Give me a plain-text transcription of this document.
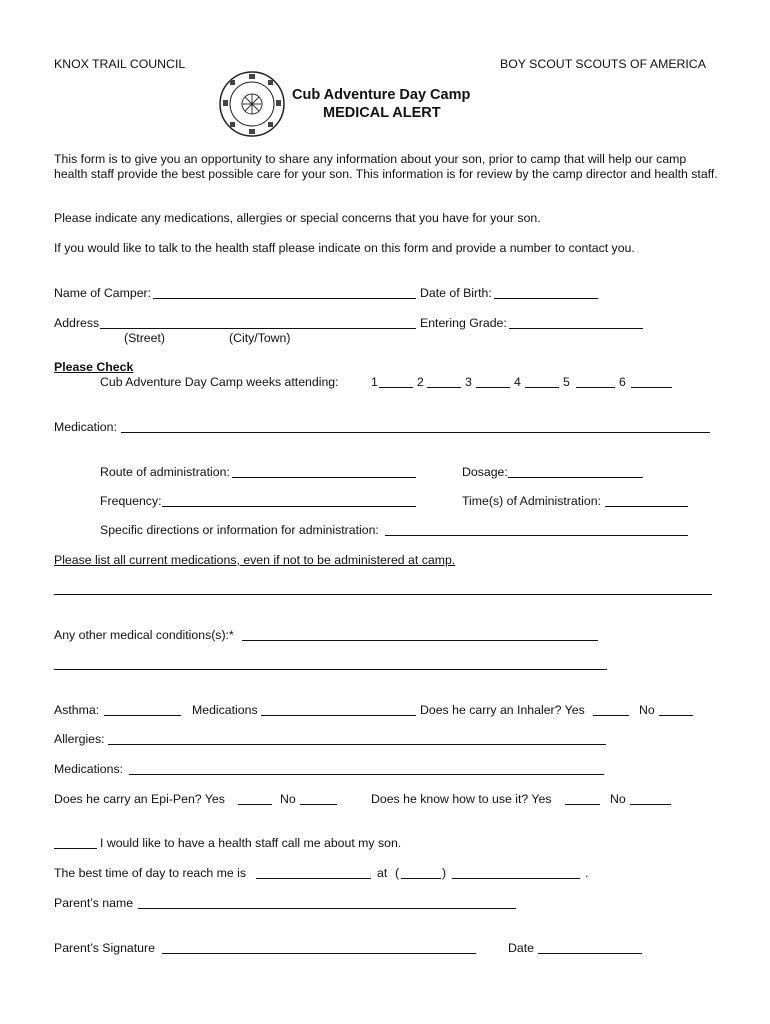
KNOX TRAIL COUNCIL	BOY SCOUT SCOUTS OF AMERICA
Cub Adventure Day Camp
MEDICAL ALERT
This form is to give you an opportunity to share any information about your son, prior to camp that will help our camp health staff provide the best possible care for your son. This information is for review by the camp director and health staff.
Please indicate any medications, allergies or special concerns that you have for your son.
If you would like to talk to the health staff please indicate on this form and provide a number to contact you.
Name of Camper:	Date of Birth:
Address	Entering Grade:
(Street)	(City/Town)
Please Check
Cub Adventure Day Camp weeks attending:	1	2	3	4	5	6
Medication:
Route of administration:	Dosage:
Frequency:	Time(s) of Administration:
Specific directions or information for administration:
Please list all current medications, even if not to be administered at camp.
Any other medical conditions(s):*
Asthma:	Medications	Does he carry an Inhaler? Yes	No
Allergies:
Medications:
Does he carry an Epi-Pen? Yes	No	Does he know how to use it? Yes	No
I would like to have a health staff call me about my son.
The best time of day to reach me is	at (	)	.
Parent’s name
Parent’s Signature	Date
